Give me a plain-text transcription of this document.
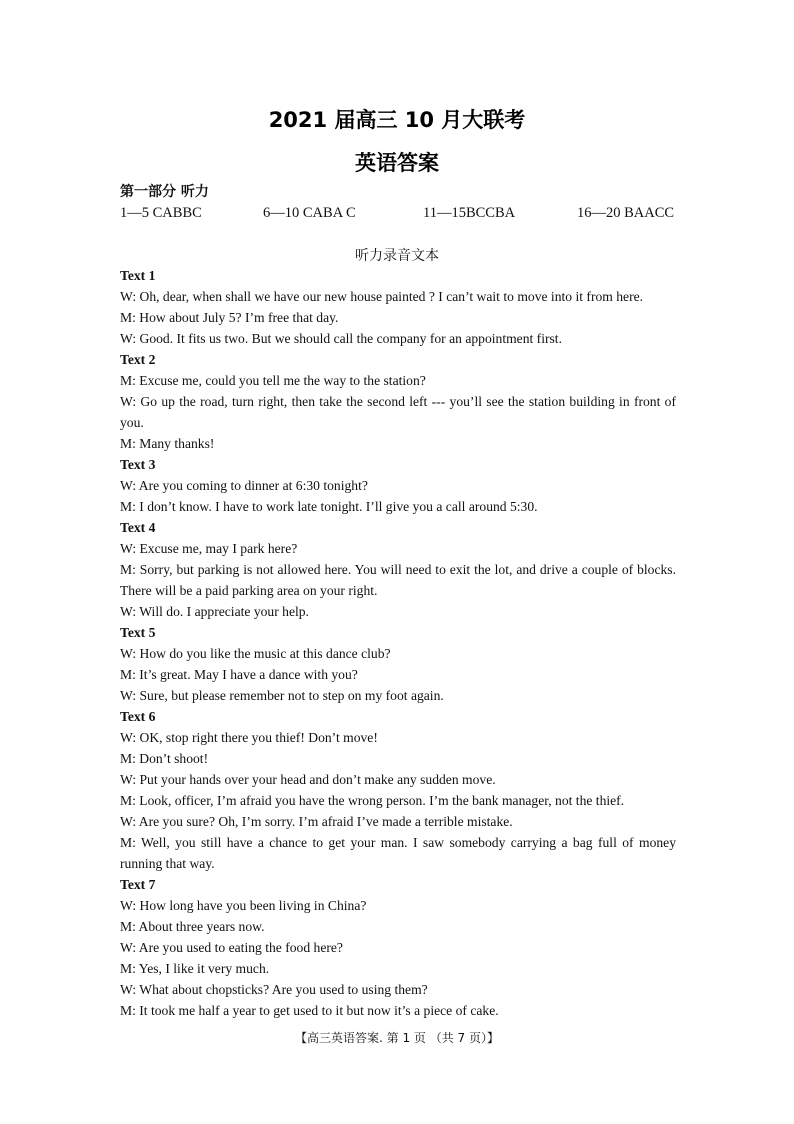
2021 届高三 10 月大联考
英语答案
第一部分 听力
1—5 CABBC	6—10 CABA C	11—15BCCBA	16—20 BAACC
听力录音文本
Text 1
W: Oh, dear, when shall we have our new house painted ? I can’t wait to move into it from here.
M: How about July 5? I’m free that day.
W: Good. It fits us two. But we should call the company for an appointment first.
Text 2
M: Excuse me, could you tell me the way to the station?
W: Go up the road, turn right, then take the second left --- you’ll see the station building in front of you.
M: Many thanks!
Text 3
W: Are you coming to dinner at 6:30 tonight?
M: I don’t know. I have to work late tonight. I’ll give you a call around 5:30.
Text 4
W: Excuse me, may I park here?
M: Sorry, but parking is not allowed here. You will need to exit the lot, and drive a couple of blocks. There will be a paid parking area on your right.
W: Will do. I appreciate your help.
Text 5
W: How do you like the music at this dance club?
M: It’s great. May I have a dance with you?
W: Sure, but please remember not to step on my foot again.
Text 6
W: OK, stop right there you thief! Don’t move!
M: Don’t shoot!
W: Put your hands over your head and don’t make any sudden move.
M: Look, officer, I’m afraid you have the wrong person. I’m the bank manager, not the thief.
W: Are you sure? Oh, I’m sorry. I’m afraid I’ve made a terrible mistake.
M: Well, you still have a chance to get your man. I saw somebody carrying a bag full of money running that way.
Text 7
W: How long have you been living in China?
M: About three years now.
W: Are you used to eating the food here?
M: Yes, I like it very much.
W: What about chopsticks? Are you used to using them?
M: It took me half a year to get used to it but now it’s a piece of cake.
【高三英语答案. 第 1 页 （共 7 页）】
